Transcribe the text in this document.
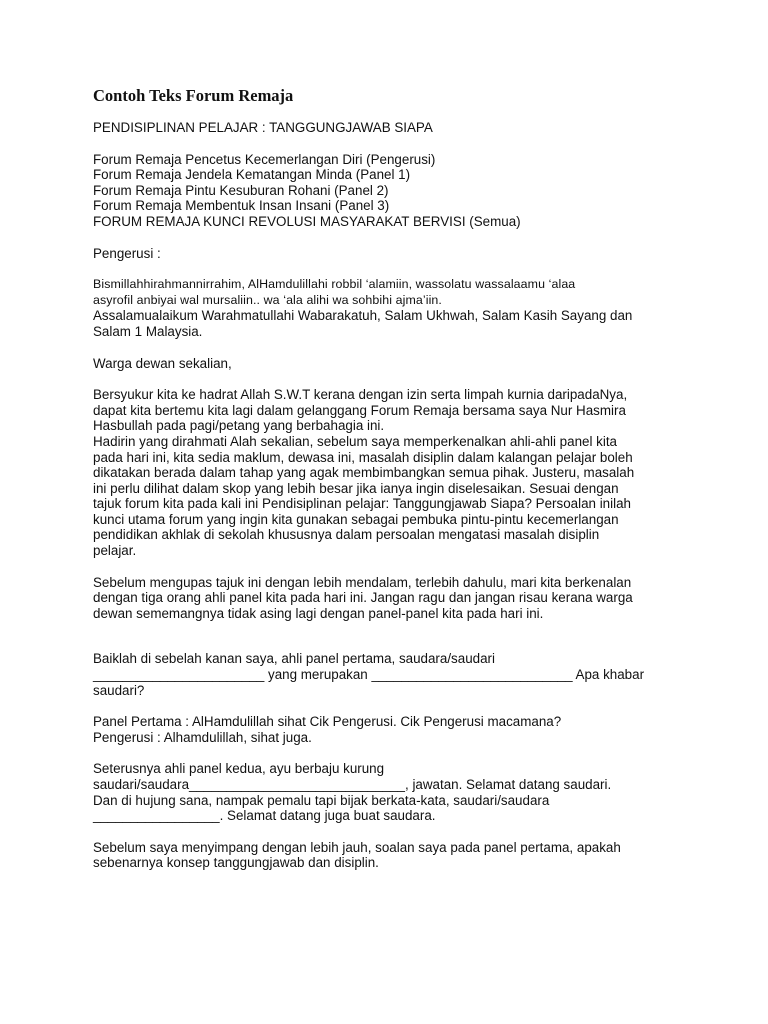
Contoh Teks Forum Remaja
PENDISIPLINAN PELAJAR : TANGGUNGJAWAB SIAPA
Forum Remaja Pencetus Kecemerlangan Diri (Pengerusi)
Forum Remaja Jendela Kematangan Minda (Panel 1)
Forum Remaja Pintu Kesuburan Rohani (Panel 2)
Forum Remaja Membentuk Insan Insani (Panel 3)
FORUM REMAJA KUNCI REVOLUSI MASYARAKAT BERVISI (Semua)
Pengerusi :
Bismillahhirahmannirrahim, AlHamdulillahi robbil ‘alamiin, wassolatu wassalaamu ‘alaa
asyrofil anbiyai wal mursaliin.. wa ‘ala alihi wa sohbihi ajma’iin.
Assalamualaikum Warahmatullahi Wabarakatuh, Salam Ukhwah, Salam Kasih Sayang dan
Salam 1 Malaysia.
Warga dewan sekalian,
Bersyukur kita ke hadrat Allah S.W.T kerana dengan izin serta limpah kurnia daripadaNya,
dapat kita bertemu kita lagi dalam gelanggang Forum Remaja bersama saya Nur Hasmira
Hasbullah pada pagi/petang yang berbahagia ini.
Hadirin yang dirahmati Alah sekalian, sebelum saya memperkenalkan ahli-ahli panel kita
pada hari ini, kita sedia maklum, dewasa ini, masalah disiplin dalam kalangan pelajar boleh
dikatakan berada dalam tahap yang agak membimbangkan semua pihak. Justeru, masalah
ini perlu dilihat dalam skop yang lebih besar jika ianya ingin diselesaikan. Sesuai dengan
tajuk forum kita pada kali ini Pendisiplinan pelajar: Tanggungjawab Siapa? Persoalan inilah
kunci utama forum yang ingin kita gunakan sebagai pembuka pintu-pintu kecemerlangan
pendidikan akhlak di sekolah khususnya dalam persoalan mengatasi masalah disiplin
pelajar.
Sebelum mengupas tajuk ini dengan lebih mendalam, terlebih dahulu, mari kita berkenalan
dengan tiga orang ahli panel kita pada hari ini. Jangan ragu dan jangan risau kerana warga
dewan sememangnya tidak asing lagi dengan panel-panel kita pada hari ini.
Baiklah di sebelah kanan saya, ahli panel pertama, saudara/saudari
_______________________ yang merupakan ___________________________ Apa khabar
saudari?
Panel Pertama : AlHamdulillah sihat Cik Pengerusi. Cik Pengerusi macamana?
Pengerusi : Alhamdulillah, sihat juga.
Seterusnya ahli panel kedua, ayu berbaju kurung
saudari/saudara_____________________________, jawatan. Selamat datang saudari.
Dan di hujung sana, nampak pemalu tapi bijak berkata-kata, saudari/saudara
_________________. Selamat datang juga buat saudara.
Sebelum saya menyimpang dengan lebih jauh, soalan saya pada panel pertama, apakah
sebenarnya konsep tanggungjawab dan disiplin.
